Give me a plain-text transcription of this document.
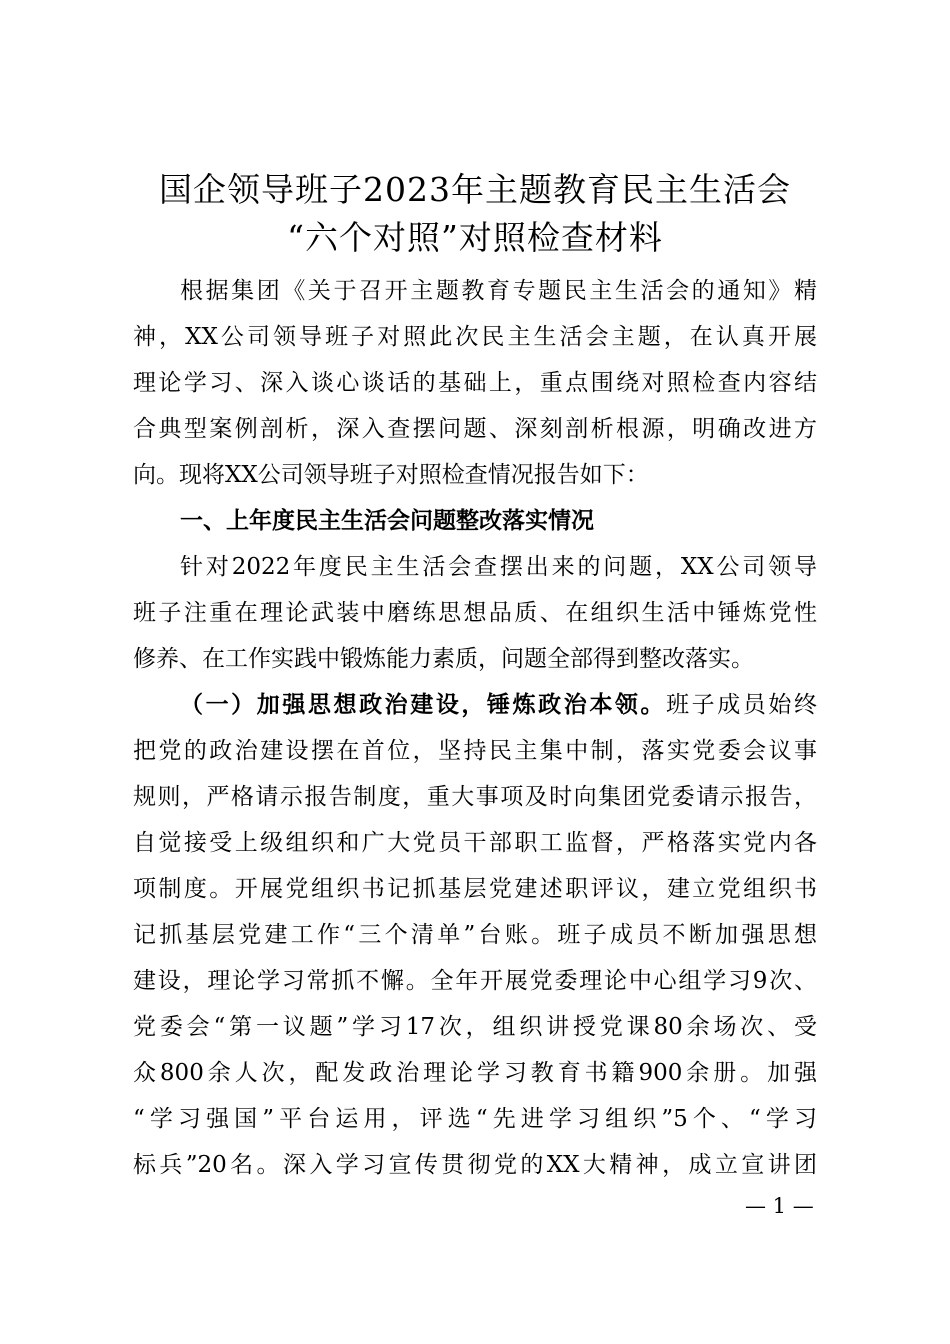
国企领导班子2023年主题教育民主生活会
“六个对照”对照检查材料
根据集团《关于召开主题教育专题民主生活会的通知》精
神，XX公司领导班子对照此次民主生活会主题，在认真开展
理论学习、深入谈心谈话的基础上，重点围绕对照检查内容结
合典型案例剖析，深入查摆问题、深刻剖析根源，明确改进方
向。现将XX公司领导班子对照检查情况报告如下：
一、上年度民主生活会问题整改落实情况
针对2022年度民主生活会查摆出来的问题，XX公司领导
班子注重在理论武装中磨练思想品质、在组织生活中锤炼党性
修养、在工作实践中锻炼能力素质，问题全部得到整改落实。
（一）加强思想政治建设，锤炼政治本领。班子成员始终
把党的政治建设摆在首位，坚持民主集中制，落实党委会议事
规则，严格请示报告制度，重大事项及时向集团党委请示报告，
自觉接受上级组织和广大党员干部职工监督，严格落实党内各
项制度。开展党组织书记抓基层党建述职评议，建立党组织书
记抓基层党建工作“三个清单”台账。班子成员不断加强思想
建设，理论学习常抓不懈。全年开展党委理论中心组学习9次、
党委会“第一议题”学习17次，组织讲授党课80余场次、受
众800余人次，配发政治理论学习教育书籍900余册。加强
“学习强国”平台运用，评选“先进学习组织”5个、“学习
标兵”20名。深入学习宣传贯彻党的XX大精神，成立宣讲团
— 1 —
